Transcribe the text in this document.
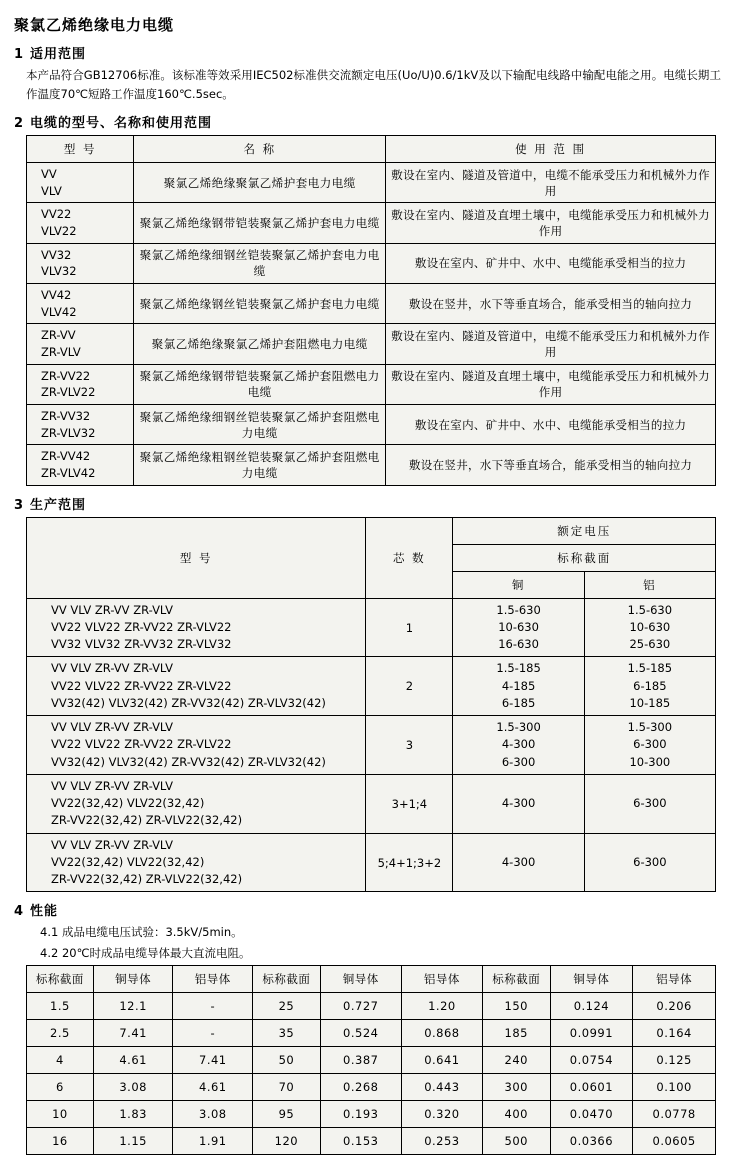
聚氯乙烯绝缘电力电缆
1 适用范围
本产品符合GB12706标准。该标准等效采用IEC502标准供交流额定电压(Uo/U)0.6/1kV及以下输配电线路中输配电能之用。电缆长期工作温度70℃短路工作温度160℃.5sec。
2 电缆的型号、名称和使用范围
型 号	名 称	使 用 范 围
VV
VLV	聚氯乙烯绝缘聚氯乙烯护套电力电缆	敷设在室内、隧道及管道中，电缆不能承受压力和机械外力作用
VV22
VLV22	聚氯乙烯绝缘钢带铠装聚氯乙烯护套电力电缆	敷设在室内、隧道及直埋土壤中，电缆能承受压力和机械外力作用
VV32
VLV32	聚氯乙烯绝缘细钢丝铠装聚氯乙烯护套电力电缆	敷设在室内、矿井中、水中、电缆能承受相当的拉力
VV42
VLV42	聚氯乙烯绝缘钢丝铠装聚氯乙烯护套电力电缆	敷设在竖井，水下等垂直场合，能承受相当的轴向拉力
ZR-VV
ZR-VLV	聚氯乙烯绝缘聚氯乙烯护套阻燃电力电缆	敷设在室内、隧道及管道中，电缆不能承受压力和机械外力作用
ZR-VV22
ZR-VLV22	聚氯乙烯绝缘钢带铠装聚氯乙烯护套阻燃电力电缆	敷设在室内、隧道及直埋土壤中，电缆能承受压力和机械外力作用
ZR-VV32
ZR-VLV32	聚氯乙烯绝缘细钢丝铠装聚氯乙烯护套阻燃电力电缆	敷设在室内、矿井中、水中、电缆能承受相当的拉力
ZR-VV42
ZR-VLV42	聚氯乙烯绝缘粗钢丝铠装聚氯乙烯护套阻燃电力电缆	敷设在竖井，水下等垂直场合，能承受相当的轴向拉力
3 生产范围
型 号	芯 数	额定电压	
		标称截面	
		铜	铝
VV VLV ZR-VV ZR-VLV
VV22 VLV22 ZR-VV22 ZR-VLV22
VV32 VLV32 ZR-VV32 ZR-VLV32	1	1.5-630
10-630
16-630	1.5-630
10-630
25-630
VV VLV ZR-VV ZR-VLV
VV22 VLV22 ZR-VV22 ZR-VLV22
VV32(42) VLV32(42) ZR-VV32(42) ZR-VLV32(42)	2	1.5-185
4-185
6-185	1.5-185
6-185
10-185
VV VLV ZR-VV ZR-VLV
VV22 VLV22 ZR-VV22 ZR-VLV22
VV32(42) VLV32(42) ZR-VV32(42) ZR-VLV32(42)	3	1.5-300
4-300
6-300	1.5-300
6-300
10-300
VV VLV ZR-VV ZR-VLV
VV22(32,42) VLV22(32,42)
ZR-VV22(32,42) ZR-VLV22(32,42)	3+1;4	4-300	6-300
VV VLV ZR-VV ZR-VLV
VV22(32,42) VLV22(32,42)
ZR-VV22(32,42) ZR-VLV22(32,42)	5;4+1;3+2	4-300	6-300
4 性能
4.1 成品电缆电压试验：3.5kV/5min。
4.2 20℃时成品电缆导体最大直流电阻。
标称截面	铜导体	铝导体	标称截面	铜导体	铝导体	标称截面	铜导体	铝导体
1.5	12.1	-	25	0.727	1.20	150	0.124	0.206
2.5	7.41	-	35	0.524	0.868	185	0.0991	0.164
4	4.61	7.41	50	0.387	0.641	240	0.0754	0.125
6	3.08	4.61	70	0.268	0.443	300	0.0601	0.100
10	1.83	3.08	95	0.193	0.320	400	0.0470	0.0778
16	1.15	1.91	120	0.153	0.253	500	0.0366	0.0605
